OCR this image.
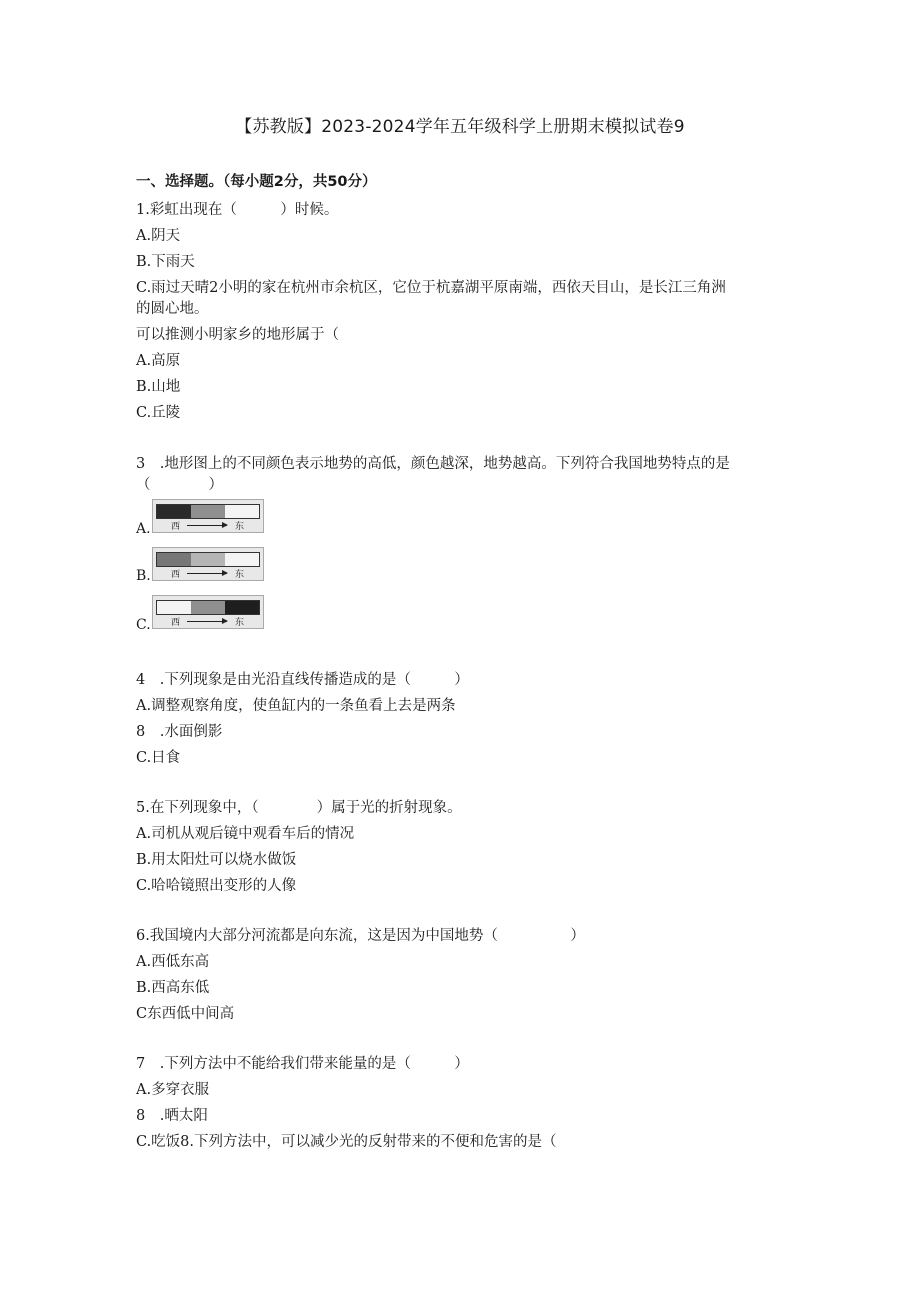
【苏教版】2023-2024学年五年级科学上册期末模拟试卷9
一、选择题。（每小题2分，共50分）
1.彩虹出现在（　　　）时候。
A.阴天
B.下雨天
C.雨过天晴2小明的家在杭州市余杭区，它位于杭嘉湖平原南端，西依天目山，是长江三角洲
的圆心地。
可以推测小明家乡的地形属于（
A.高原
B.山地
C.丘陵
3　.地形图上的不同颜色表示地势的高低，颜色越深，地势越高。下列符合我国地势特点的是
（　　　　）
A. 西	东
B. 西	东
C. 西	东
4　.下列现象是由光沿直线传播造成的是（　　　）
A.调整观察角度，使鱼缸内的一条鱼看上去是两条
8　.水面倒影
C.日食
5.在下列现象中，（　　　　）属于光的折射现象。
A.司机从观后镜中观看车后的情况
B.用太阳灶可以烧水做饭
C.哈哈镜照出变形的人像
6.我国境内大部分河流都是向东流，这是因为中国地势（　　　　　）
A.西低东高
B.西高东低
C东西低中间高
7　.下列方法中不能给我们带来能量的是（　　　）
A.多穿衣服
8　.晒太阳
C.吃饭8.下列方法中，可以减少光的反射带来的不便和危害的是（
